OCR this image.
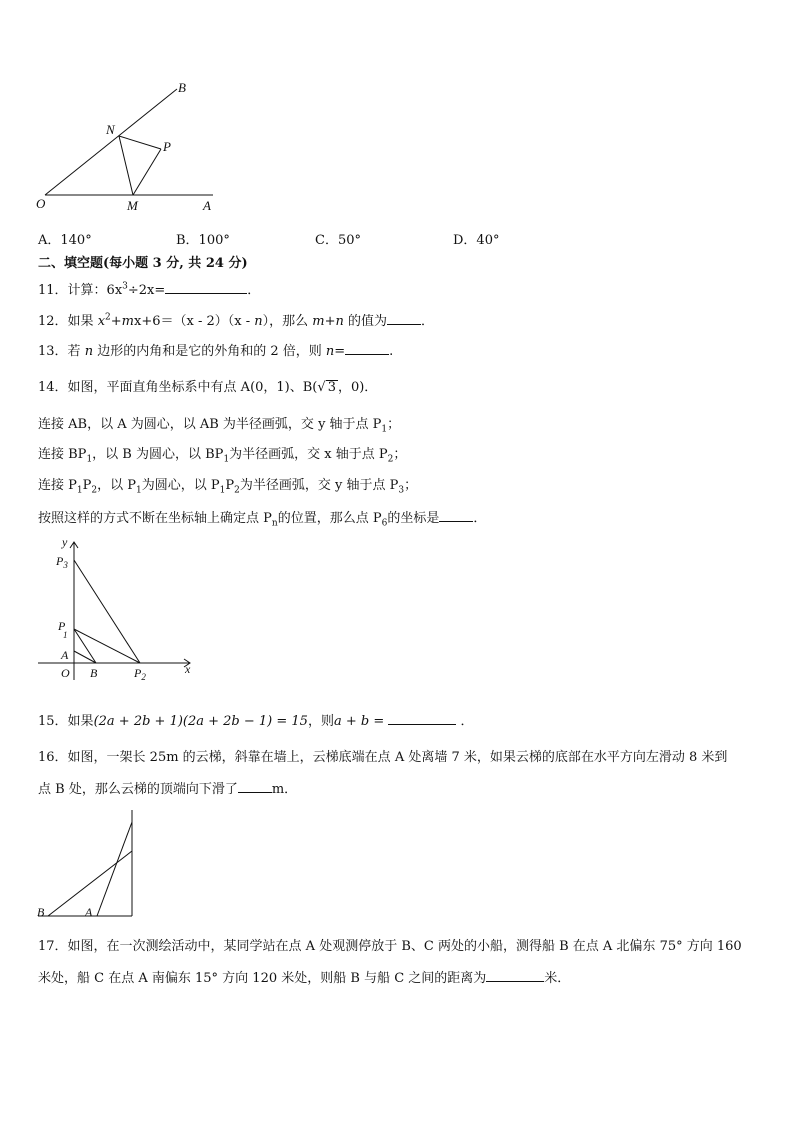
B
N
P
O	M	A
A．140°	B．100°	C．50°	D．40°
二、填空题(每小题 3 分, 共 24 分)
11．计算：$6x^3\div 2x=$	．
12．如果 $x^2+mx+6=(x - 2)(x - n)$，那么 m+n 的值为	．
13．若 n 边形的内角和是它的外角和的 2 倍，则 n=	.
14．如图，平面直角坐标系中有点 A(0，1)、B(√ 3 ，0)．
连接 AB，以 A 为圆心，以 AB 为半径画弧，交 y 轴于点 $P_1$；
连接 $BP_1$，以 B 为圆心，以 $BP_1$为半径画弧，交 x 轴于点 $P_2$；
连接 $P_1P_2$，以 $P_1$为圆心，以 $P_1P_2$为半径画弧，交 y 轴于点 $P_3$；
按照这样的方式不断在坐标轴上确定点 $P_n$的位置，那么点 $P_6$的坐标是	．
y
$P_3$
P
1
A
O B	$P_2$
x
15．如果(2a + 2b + 1)(2a + 2b − 1) = 15，则a + b =	．
16．如图，一架长 25m 的云梯，斜靠在墙上，云梯底端在点 A 处离墙 7 米，如果云梯的底部在水平方向左滑动 8 米到
点 B 处，那么云梯的顶端向下滑了	m．
B	A
17．如图，在一次测绘活动中，某同学站在点 A 处观测停放于 B、C 两处的小船，测得船 B 在点 A 北偏东 75° 方向 160
米处，船 C 在点 A 南偏东 15° 方向 120 米处，则船 B 与船 C 之间的距离为	米．
